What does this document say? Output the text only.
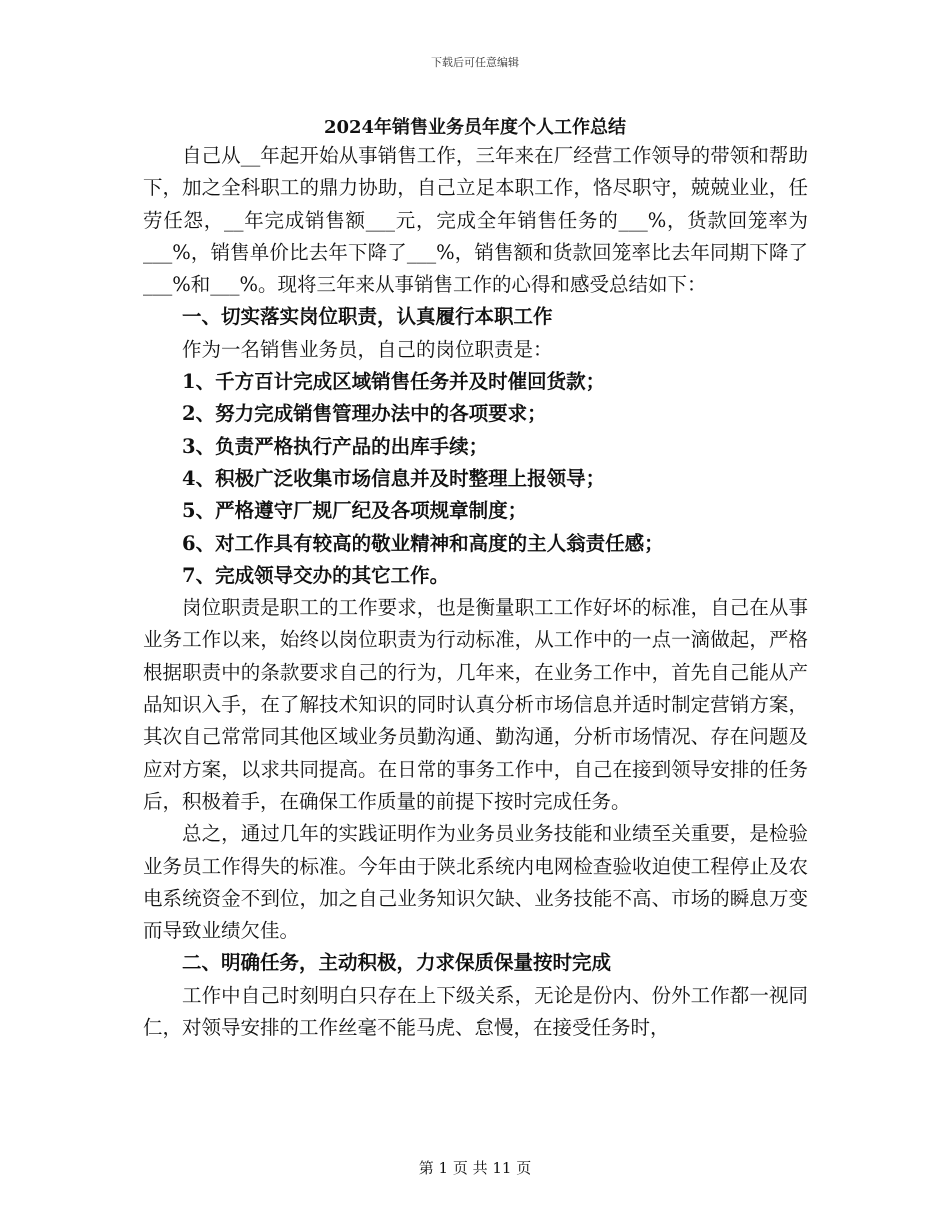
下载后可任意编辑
2024年销售业务员年度个人工作总结

自己从__年起开始从事销售工作，三年来在厂经营工作领导的带领和帮助下，加之全科职工的鼎力协助，自己立足本职工作，恪尽职守，兢兢业业，任劳任怨，__年完成销售额___元，完成全年销售任务的___%，货款回笼率为___%，销售单价比去年下降了___%，销售额和货款回笼率比去年同期下降了___%和___%。现将三年来从事销售工作的心得和感受总结如下：

一、切实落实岗位职责，认真履行本职工作

作为一名销售业务员，自己的岗位职责是：

1、千方百计完成区域销售任务并及时催回货款；

2、努力完成销售管理办法中的各项要求；

3、负责严格执行产品的出库手续；

4、积极广泛收集市场信息并及时整理上报领导；

5、严格遵守厂规厂纪及各项规章制度；

6、对工作具有较高的敬业精神和高度的主人翁责任感；

7、完成领导交办的其它工作。

岗位职责是职工的工作要求，也是衡量职工工作好坏的标准，自己在从事业务工作以来，始终以岗位职责为行动标准，从工作中的一点一滴做起，严格根据职责中的条款要求自己的行为，几年来，在业务工作中，首先自己能从产品知识入手，在了解技术知识的同时认真分析市场信息并适时制定营销方案，其次自己常常同其他区域业务员勤沟通、勤沟通，分析市场情况、存在问题及应对方案，以求共同提高。在日常的事务工作中，自己在接到领导安排的任务后，积极着手，在确保工作质量的前提下按时完成任务。

总之，通过几年的实践证明作为业务员业务技能和业绩至关重要，是检验业务员工作得失的标准。今年由于陕北系统内电网检查验收迫使工程停止及农电系统资金不到位，加之自己业务知识欠缺、业务技能不高、市场的瞬息万变而导致业绩欠佳。

二、明确任务，主动积极，力求保质保量按时完成

工作中自己时刻明白只存在上下级关系，无论是份内、份外工作都一视同仁，对领导安排的工作丝毫不能马虎、怠慢，在接受任务时，

第 1 页 共 11 页
